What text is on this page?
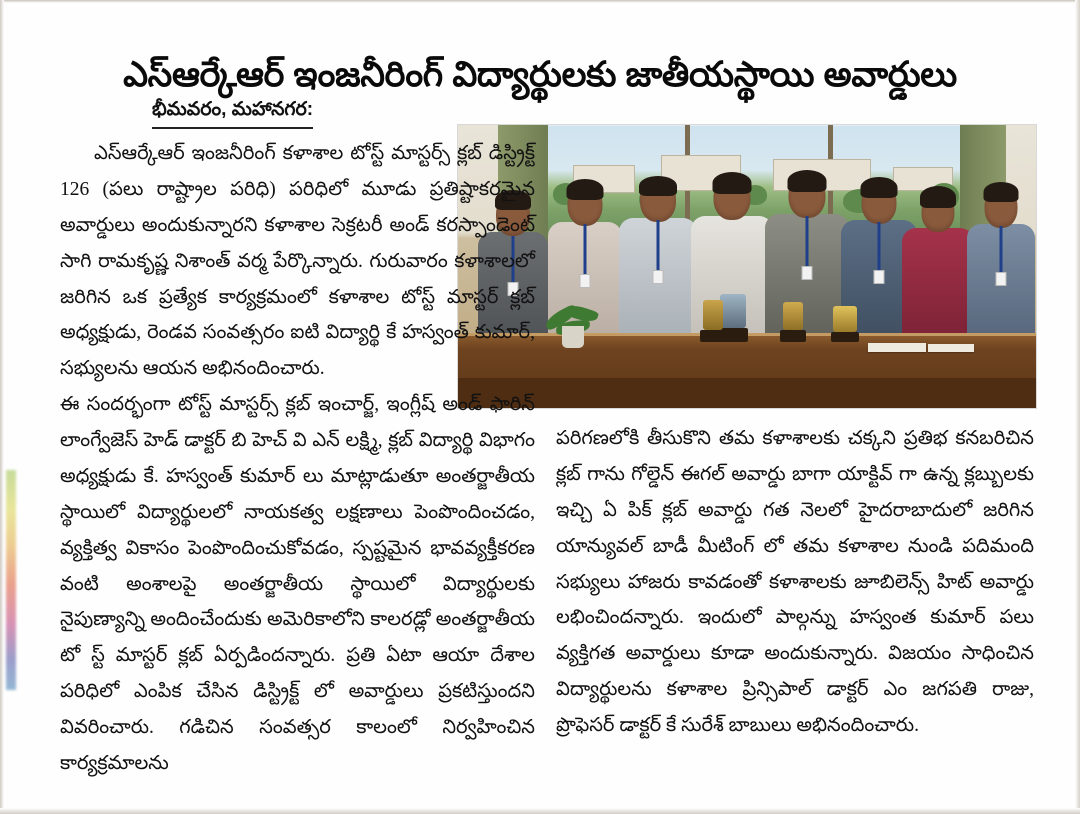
ఎస్ఆర్కేఆర్ ఇంజనీరింగ్ విద్యార్థులకు జాతీయస్థాయి అవార్డులు
భీమవరం, మహానగర:
ఎస్ఆర్కేఆర్ ఇంజనీరింగ్ కళాశాల టోస్ట్ మాస్టర్స్ క్లబ్ డిస్ట్రిక్ట్ 126 (పలు రాష్ట్రాల పరిధి) పరిధిలో మూడు ప్రతిష్టాకరమైన అవార్డులు అందుకున్నారని కళాశాల సెక్రటరీ అండ్ కరస్పాండెంట్ సాగి రామకృష్ణ నిశాంత్ వర్మ పేర్కొన్నారు. గురువారం కళాశాలలో జరిగిన ఒక ప్రత్యేక కార్యక్రమంలో కళాశాల టోస్ట్ మాస్టర్ క్లబ్ అధ్యక్షుడు, రెండవ సంవత్సరం ఐటి విద్యార్థి కే హస్వంత్ కుమార్, సభ్యులను ఆయన అభినందించారు.
ఈ సందర్భంగా టోస్ట్ మాస్టర్స్ క్లబ్ ఇంచార్జ్, ఇంగ్లీష్ అండ్ ఫారిన్ లాంగ్వేజెస్ హెడ్ డాక్టర్ బి హెచ్ వి ఎన్ లక్ష్మి, క్లబ్ విద్యార్థి విభాగం అధ్యక్షుడు కే. హస్వంత్ కుమార్ లు మాట్లాడుతూ అంతర్జాతీయ స్థాయిలో విద్యార్థులలో నాయకత్వ లక్షణాలు పెంపొందించడం, వ్యక్తిత్వ వికాసం పెంపొందించుకోవడం, స్పష్టమైన భావవ్యక్తీకరణ వంటి అంశాలపై అంతర్జాతీయ స్థాయిలో విద్యార్థులకు నైపుణ్యాన్ని అందించేందుకు అమెరికాలోని కాలరడ్లో అంతర్జాతీయ టో స్ట్ మాస్టర్ క్లబ్ ఏర్పడిందన్నారు. ప్రతి ఏటా ఆయా దేశాల పరిధిలో ఎంపిక చేసిన డిస్ట్రిక్ట్ లో అవార్డులు ప్రకటిస్తుందని వివరించారు. గడిచిన సంవత్సర కాలంలో నిర్వహించిన కార్యక్రమాలను
పరిగణలోకి తీసుకొని తమ కళాశాలకు చక్కని ప్రతిభ కనబరిచిన క్లబ్ గాను గోల్డెన్ ఈగల్ అవార్డు బాగా యాక్టివ్ గా ఉన్న క్లబ్బులకు ఇచ్చి ఏ పిక్ క్లబ్ అవార్డు గత నెలలో హైదరాబాదులో జరిగిన యాన్యువల్ బాడీ మీటింగ్ లో తమ కళాశాల నుండి పదిమంది సభ్యులు హాజరు కావడంతో కళాశాలకు జూబిలెన్స్ హిట్ అవార్డు లభించిందన్నారు. ఇందులో పాల్గన్ను హస్వంత కుమార్ పలు వ్యక్తిగత అవార్డులు కూడా అందుకున్నారు. విజయం సాధించిన విద్యార్థులను కళాశాల ప్రిన్సిపాల్ డాక్టర్ ఎం జగపతి రాజు, ప్రొఫెసర్ డాక్టర్ కే సురేశ్ బాబులు అభినందించారు.
